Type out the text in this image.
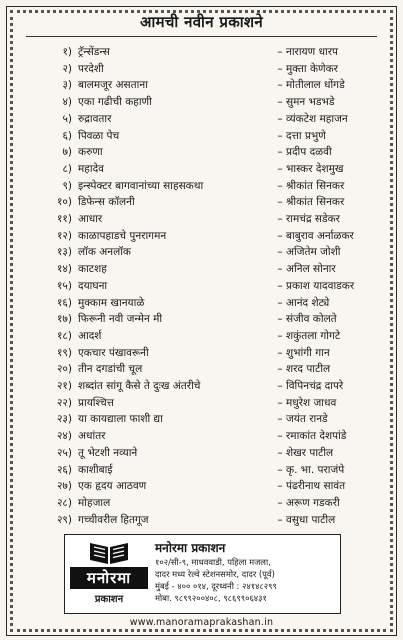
आमची नवीन प्रकाशने
१) ट्रॅन्सेंडन्स	– नारायण धारप
२) परदेशी	– मुक्ता केणेकर
३) बालमजूर असताना	– मोतीलाल धोंगडे
४) एका गढीची कहाणी	– सुमन भडभडे
५) रुद्रावतार	– व्यंकटेश महाजन
६) पिवळा पेच	– दत्ता प्रभुणे
७) करुणा	– प्रदीप दळवी
८) महादेव	– भास्कर देशमुख
९) इन्स्पेक्टर बागवानांच्या साहसकथा	– श्रीकांत सिनकर
१०) डिफेन्स कॉलनी	– श्रीकांत सिनकर
११) आधार	– रामचंद्र सडेकर
१२) काळापहाडचे पुनरागमन	– बाबुराव अर्नाळकर
१३) लॉक अनलॉक	– अजितेम जोशी
१४) काटशह	– अनिल सोनार
१५) दयाघना	– प्रकाश यादवाडकर
१६) मुक्काम खानयाळे	– आनंद शेट्ये
१७) फिरूनी नवी जन्मेन मी	– संजीव कोलते
१८) आदर्श	– शकुंतला गोगटे
१९) एकचार पंखावरूनी	– शुभांगी गान
२०) तीन दगडांची चूल	– शरद पाटील
२१) शब्दांत सांगू कैसे ते दुःख अंतरीचे	– विपिनचंद्र दापरे
२२) प्रायश्चित्त	– मधुरेश जाधव
२३) या कायद्याला फाशी द्या	– जयंत रानडे
२४) अधांतर	– रमाकांत देशपांडे
२५) तू भेटशी नव्याने	– शेखर पाटील
२६) काशीबाई	– कृ. भा. पराजंपे
२७) एक हृदय आठवण	– पंढरीनाथ सावंत
२८) मोहजाल	– अरूण गडकरी
२९) गच्चीवरील हितगूज	– वसुधा पाटील
मनोरमा
प्रकाशन
मनोरमा प्रकाशन
१०२/सी-९, माधववाडी, पहिला मजला,
दादर मध्य रेल्वे स्टेशनसमोर, दादर (पूर्व)
मुंबई - ४०० ०१४, दूरध्वनी : २४१४८२९९
मोबा. ९८९९२००४०८, ९८६९९०६४३१
www.manoramaprakashan.in
